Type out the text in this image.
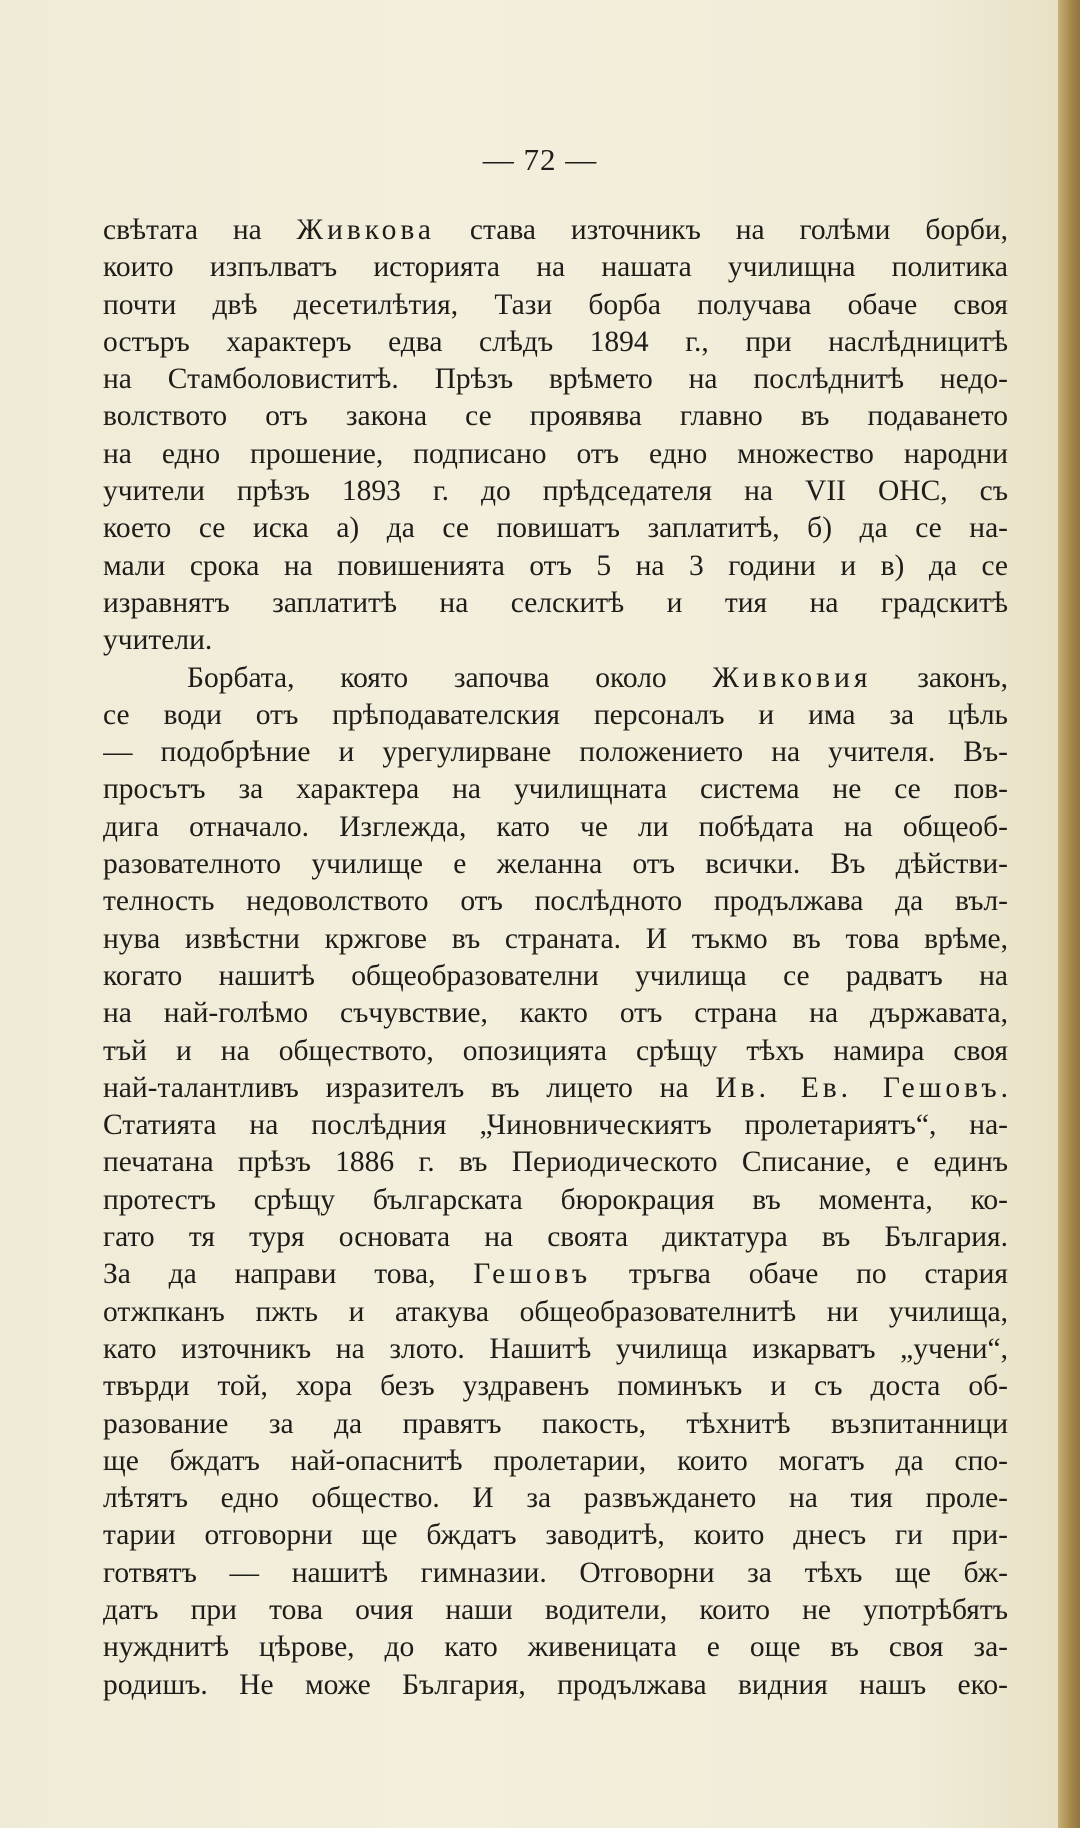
— 72 —
свѣтата на Живкова става източникъ на голѣми борби,
които изпълватъ историята на нашата училищна политика
почти двѣ десетилѣтия, Тази борба получава обаче своя
остъръ характеръ едва слѣдъ 1894 г., при наслѣдницитѣ
на Стамболовиститѣ. Прѣзъ врѣмето на послѣднитѣ недо-
волството отъ закона се проявява главно въ подаването
на едно прошение, подписано отъ едно множество народни
учители прѣзъ 1893 г. до прѣдседателя на VII ОНС, съ
което се иска а) да се повишатъ заплатитѣ, б) да се на-
мали срока на повишенията отъ 5 на 3 години и в) да се
изравнятъ заплатитѣ на селскитѣ и тия на градскитѣ
учители.
Борбата, която започва около Живковия законъ,
се води отъ прѣподавателския персоналъ и има за цѣль
— подобрѣние и урегулирване положението на учителя. Въ-
просътъ за характера на училищната система не се пов-
дига отначало. Изглежда, като че ли побѣдата на общеоб-
разователното училище е желанна отъ всички. Въ дѣйстви-
телность недоволството отъ послѣдното продължава да въл-
нува извѣстни кржгове въ страната. И тъкмо въ това врѣме,
когато нашитѣ общеобразователни училища се радватъ на
на най-голѣмо съчувствие, както отъ страна на държавата,
тъй и на обществото, опозицията срѣщу тѣхъ намира своя
най-талантливъ изразителъ въ лицето на Ив. Ев. Гешовъ.
Статията на послѣдния „Чиновническиятъ пролетариятъ“, на-
печатана прѣзъ 1886 г. въ Периодическото Списание, е единъ
протестъ срѣщу българската бюрокрация въ момента, ко-
гато тя туря основата на своята диктатура въ България.
За да направи това, Гешовъ тръгва обаче по стария
отжпканъ пжть и атакува общеобразователнитѣ ни училища,
като източникъ на злото. Нашитѣ училища изкарватъ „учени“,
твърди той, хора безъ уздравенъ поминъкъ и съ доста об-
разование за да правятъ пакость, тѣхнитѣ възпитанници
ще бждатъ най-опаснитѣ пролетарии, които могатъ да спо-
лѣтятъ едно общество. И за развъждането на тия проле-
тарии отговорни ще бждатъ заводитѣ, които днесъ ги при-
готвятъ — нашитѣ гимназии. Отговорни за тѣхъ ще бж-
датъ при това очия наши водители, които не употрѣбятъ
нужднитѣ цѣрове, до като живеницата е още въ своя за-
родишъ. Не може България, продължава видния нашъ еко-
